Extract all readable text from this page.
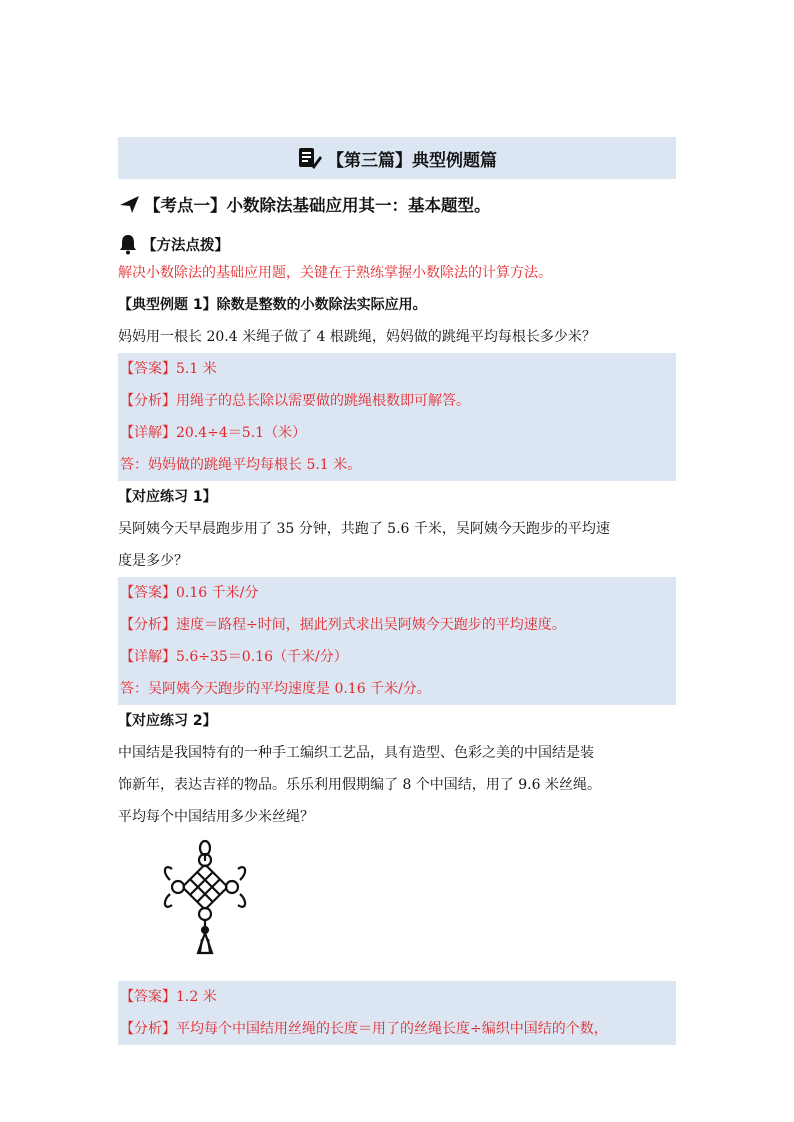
【第三篇】典型例题篇
【考点一】小数除法基础应用其一：基本题型。
【方法点拨】
解决小数除法的基础应用题，关键在于熟练掌握小数除法的计算方法。
【典型例题 1】除数是整数的小数除法实际应用。
妈妈用一根长 20.4 米绳子做了 4 根跳绳，妈妈做的跳绳平均每根长多少米？
【答案】5.1 米
【分析】用绳子的总长除以需要做的跳绳根数即可解答。
【详解】20.4÷4＝5.1（米）
答：妈妈做的跳绳平均每根长 5.1 米。
【对应练习 1】
吴阿姨今天早晨跑步用了 35 分钟，共跑了 5.6 千米，吴阿姨今天跑步的平均速
度是多少？
【答案】0.16 千米/分
【分析】速度＝路程÷时间，据此列式求出吴阿姨今天跑步的平均速度。
【详解】5.6÷35＝0.16（千米/分）
答：吴阿姨今天跑步的平均速度是 0.16 千米/分。
【对应练习 2】
中国结是我国特有的一种手工编织工艺品，具有造型、色彩之美的中国结是装
饰新年，表达吉祥的物品。乐乐利用假期编了 8 个中国结，用了 9.6 米丝绳。
平均每个中国结用多少米丝绳？
【答案】1.2 米
【分析】平均每个中国结用丝绳的长度＝用了的丝绳长度÷编织中国结的个数，
